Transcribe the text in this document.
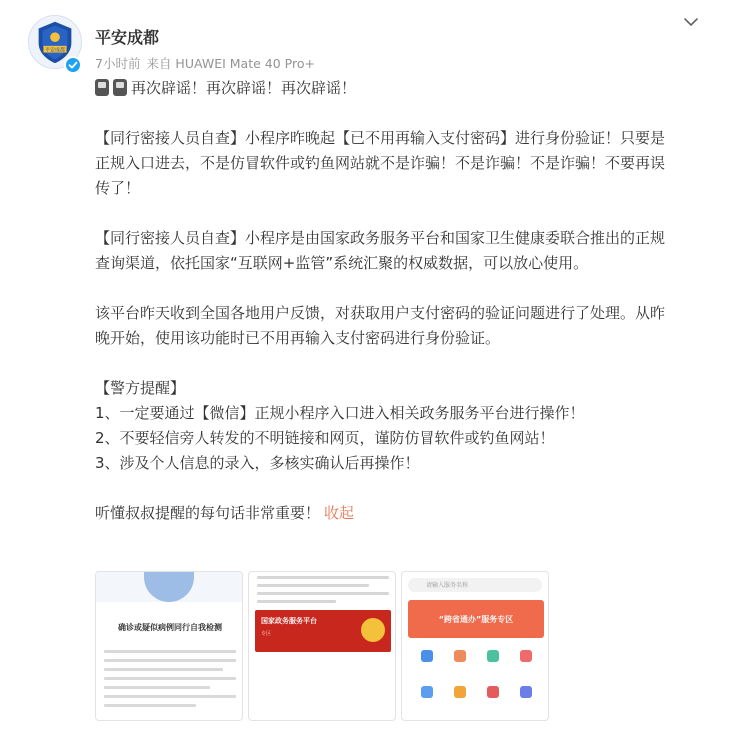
平安成都
平安成都
7小时前 来自 HUAWEI Mate 40 Pro+
再次辟谣！再次辟谣！再次辟谣！
【同行密接人员自查】小程序昨晚起【已不用再输入支付密码】进行身份验证！只要是
正规入口进去，不是仿冒软件或钓鱼网站就不是诈骗！不是诈骗！不是诈骗！不要再误
传了！
【同行密接人员自查】小程序是由国家政务服务平台和国家卫生健康委联合推出的正规
查询渠道，依托国家“互联网+监管”系统汇聚的权威数据，可以放心使用。
该平台昨天收到全国各地用户反馈，对获取用户支付密码的验证问题进行了处理。从昨
晚开始，使用该功能时已不用再输入支付密码进行身份验证。
【警方提醒】
1、一定要通过【微信】正规小程序入口进入相关政务服务平台进行操作！
2、不要轻信旁人转发的不明链接和网页，谨防仿冒软件或钓鱼网站！
3、涉及个人信息的录入，多核实确认后再操作！
听懂叔叔提醒的每句话非常重要！ 收起
确诊或疑似病例同行自我检测
国家政务服务平台
专区
请输入服务名称
“跨省通办”服务专区
